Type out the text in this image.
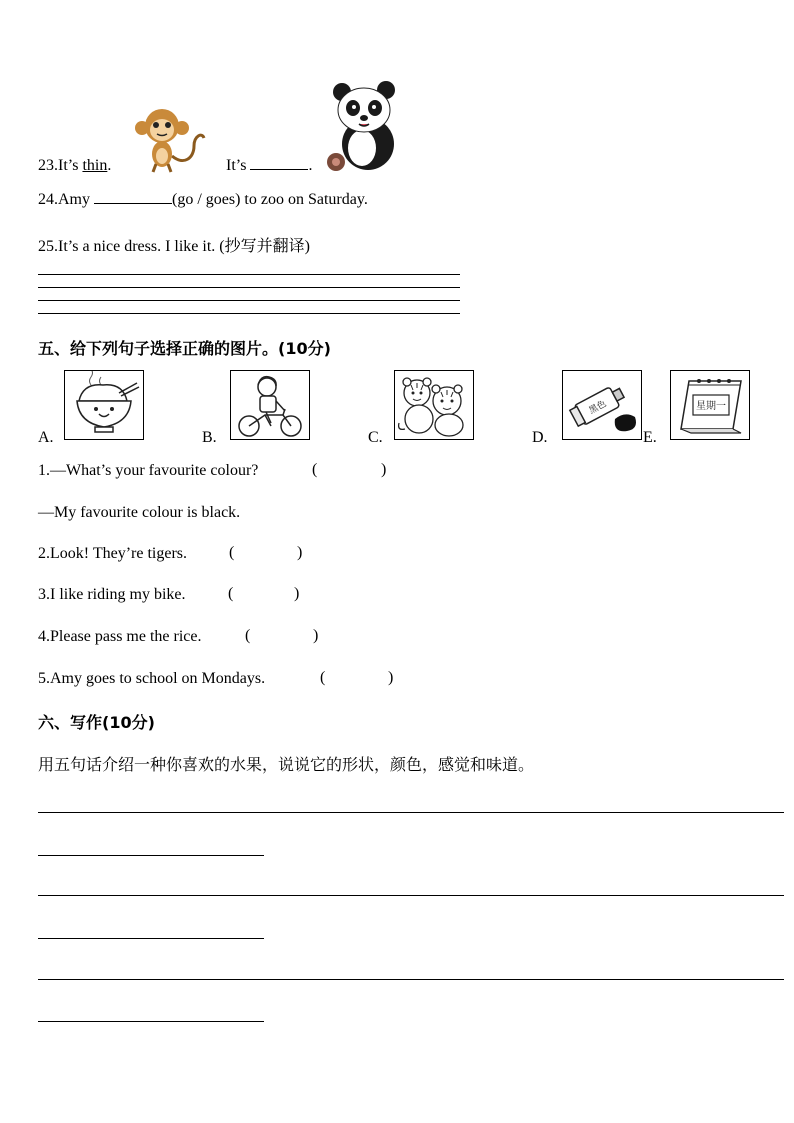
23.It’s thin.	It’s	.
24.Amy	(go / goes) to zoo on Saturday.
25.It’s a nice dress. I like it. (抄写并翻译)
五、给下列句子选择正确的图片。(10分)
A.	B.	C.	D.
黑色
E.
星期一
1.—What’s your favourite colour?	(	)
—My favourite colour is black.
2.Look! They’re tigers.	(	)
3.I like riding my bike.	(	)
4.Please pass me the rice.	(	)
5.Amy goes to school on Mondays.	(	)
六、写作(10分)
用五句话介绍一种你喜欢的水果，说说它的形状，颜色，感觉和味道。
